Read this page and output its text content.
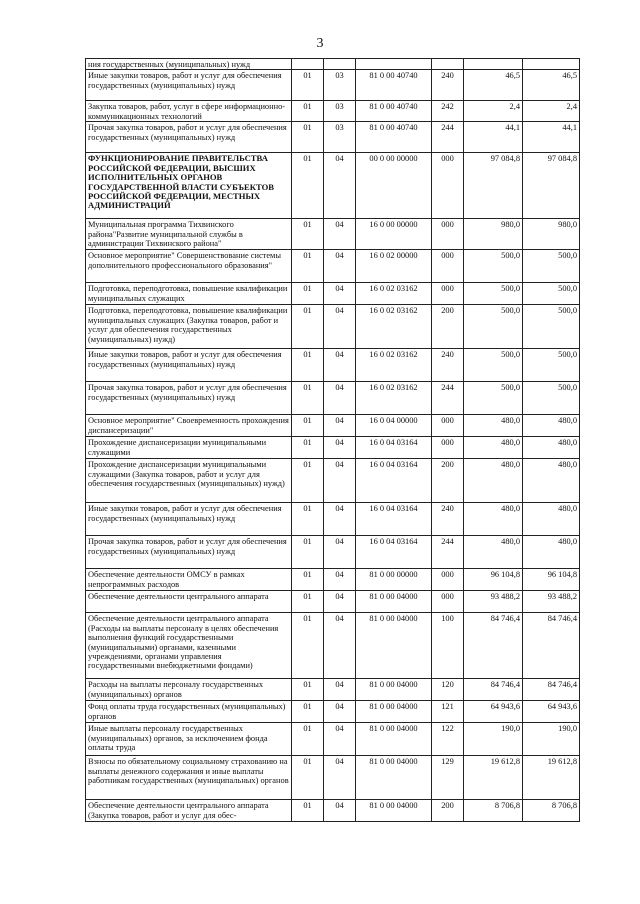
3
ния государственных (муниципальных) нужд						
Иные закупки товаров, работ и услуг для обеспечения государственных (муниципальных) нужд	01	03	81 0 00 40740	240	46,5	46,5
Закупка товаров, работ, услуг в сфере информационно-коммуникационных технологий	01	03	81 0 00 40740	242	2,4	2,4
Прочая закупка товаров, работ и услуг для обеспечения государственных (муниципальных) нужд	01	03	81 0 00 40740	244	44,1	44,1
ФУНКЦИОНИРОВАНИЕ ПРАВИТЕЛЬСТВА РОССИЙСКОЙ ФЕДЕРАЦИИ, ВЫСШИХ ИСПОЛНИТЕЛЬНЫХ ОРГАНОВ ГОСУДАРСТВЕННОЙ ВЛАСТИ СУБЪЕКТОВ РОССИЙСКОЙ ФЕДЕРАЦИИ, МЕСТНЫХ АДМИНИСТРАЦИЙ	01	04	00 0 00 00000	000	97 084,8	97 084,8
Муниципальная программа Тихвинского района"Развитие муниципальной службы в администрации Тихвинского района"	01	04	16 0 00 00000	000	980,0	980,0
Основное мероприятие" Совершенствование системы дополнительного профессионального образования"	01	04	16 0 02 00000	000	500,0	500,0
Подготовка, переподготовка, повышение квалификации муниципальных служащих	01	04	16 0 02 03162	000	500,0	500,0
Подготовка, переподготовка, повышение квалификации муниципальных служащих (Закупка товаров, работ и услуг для обеспечения государственных (муниципальных) нужд)	01	04	16 0 02 03162	200	500,0	500,0
Иные закупки товаров, работ и услуг для обеспечения государственных (муниципальных) нужд	01	04	16 0 02 03162	240	500,0	500,0
Прочая закупка товаров, работ и услуг для обеспечения государственных (муниципальных) нужд	01	04	16 0 02 03162	244	500,0	500,0
Основное мероприятие" Своевременность прохождения диспансеризации"	01	04	16 0 04 00000	000	480,0	480,0
Прохождение диспансеризации муниципальными служащими	01	04	16 0 04 03164	000	480,0	480,0
Прохождение диспансеризации муниципальными служащими (Закупка товаров, работ и услуг для обеспечения государственных (муниципальных) нужд)	01	04	16 0 04 03164	200	480,0	480,0
Иные закупки товаров, работ и услуг для обеспечения государственных (муниципальных) нужд	01	04	16 0 04 03164	240	480,0	480,0
Прочая закупка товаров, работ и услуг для обеспечения государственных (муниципальных) нужд	01	04	16 0 04 03164	244	480,0	480,0
Обеспечение деятельности ОМСУ в рамках непрограммных расходов	01	04	81 0 00 00000	000	96 104,8	96 104,8
Обеспечение деятельности центрального аппарата	01	04	81 0 00 04000	000	93 488,2	93 488,2
Обеспечение деятельности центрального аппарата (Расходы на выплаты персоналу в целях обеспечения выполнения функций государственными (муниципальными) органами, казенными учреждениями, органами управления государственными внебюджетными фондами)	01	04	81 0 00 04000	100	84 746,4	84 746,4
Расходы на выплаты персоналу государственных (муниципальных) органов	01	04	81 0 00 04000	120	84 746,4	84 746,4
Фонд оплаты труда государственных (муниципальных) органов	01	04	81 0 00 04000	121	64 943,6	64 943,6
Иные выплаты персоналу государственных (муниципальных) органов, за исключением фонда оплаты труда	01	04	81 0 00 04000	122	190,0	190,0
Взносы по обязательному социальному страхованию на выплаты денежного содержания и иные выплаты работникам государственных (муниципальных) органов	01	04	81 0 00 04000	129	19 612,8	19 612,8
Обеспечение деятельности центрального аппарата (Закупка товаров, работ и услуг для обес-	01	04	81 0 00 04000	200	8 706,8	8 706,8
